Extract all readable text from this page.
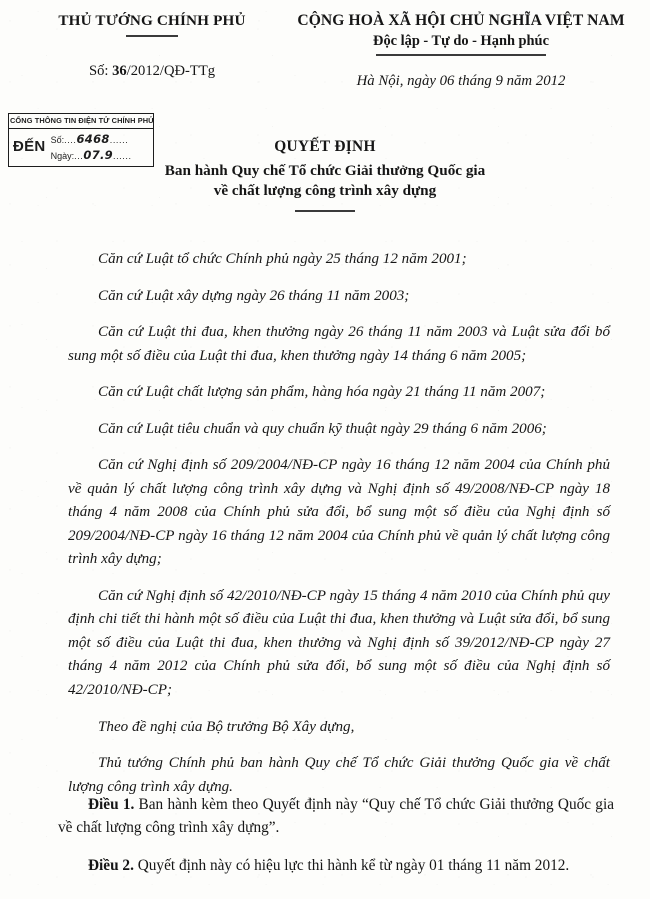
THỦ TƯỚNG CHÍNH PHỦ
Số: 36/2012/QĐ-TTg
CỘNG HOÀ XÃ HỘI CHỦ NGHĨA VIỆT NAM
Độc lập - Tự do - Hạnh phúc
Hà Nội, ngày 06 tháng 9 năm 2012
CỔNG THÔNG TIN ĐIỆN TỬ CHÍNH PHỦ
ĐẾN Số:....6468......
Ngày:...07.9......
QUYẾT ĐỊNH
Ban hành Quy chế Tổ chức Giải thưởng Quốc gia
về chất lượng công trình xây dựng

Căn cứ Luật tổ chức Chính phủ ngày 25 tháng 12 năm 2001;

Căn cứ Luật xây dựng ngày 26 tháng 11 năm 2003;

Căn cứ Luật thi đua, khen thưởng ngày 26 tháng 11 năm 2003 và Luật sửa đổi bổ sung một số điều của Luật thi đua, khen thưởng ngày 14 tháng 6 năm 2005;

Căn cứ Luật chất lượng sản phẩm, hàng hóa ngày 21 tháng 11 năm 2007;

Căn cứ Luật tiêu chuẩn và quy chuẩn kỹ thuật ngày 29 tháng 6 năm 2006;

Căn cứ Nghị định số 209/2004/NĐ-CP ngày 16 tháng 12 năm 2004 của Chính phủ về quản lý chất lượng công trình xây dựng và Nghị định số 49/2008/NĐ-CP ngày 18 tháng 4 năm 2008 của Chính phủ sửa đổi, bổ sung một số điều của Nghị định số 209/2004/NĐ-CP ngày 16 tháng 12 năm 2004 của Chính phủ về quản lý chất lượng công trình xây dựng;

Căn cứ Nghị định số 42/2010/NĐ-CP ngày 15 tháng 4 năm 2010 của Chính phủ quy định chi tiết thi hành một số điều của Luật thi đua, khen thưởng và Luật sửa đổi, bổ sung một số điều của Luật thi đua, khen thưởng và Nghị định số 39/2012/NĐ-CP ngày 27 tháng 4 năm 2012 của Chính phủ sửa đổi, bổ sung một số điều của Nghị định số 42/2010/NĐ-CP;

Theo đề nghị của Bộ trưởng Bộ Xây dựng,

Thủ tướng Chính phủ ban hành Quy chế Tổ chức Giải thưởng Quốc gia về chất lượng công trình xây dựng.

Điều 1. Ban hành kèm theo Quyết định này “Quy chế Tổ chức Giải thưởng Quốc gia về chất lượng công trình xây dựng”.

Điều 2. Quyết định này có hiệu lực thi hành kể từ ngày 01 tháng 11 năm 2012.
